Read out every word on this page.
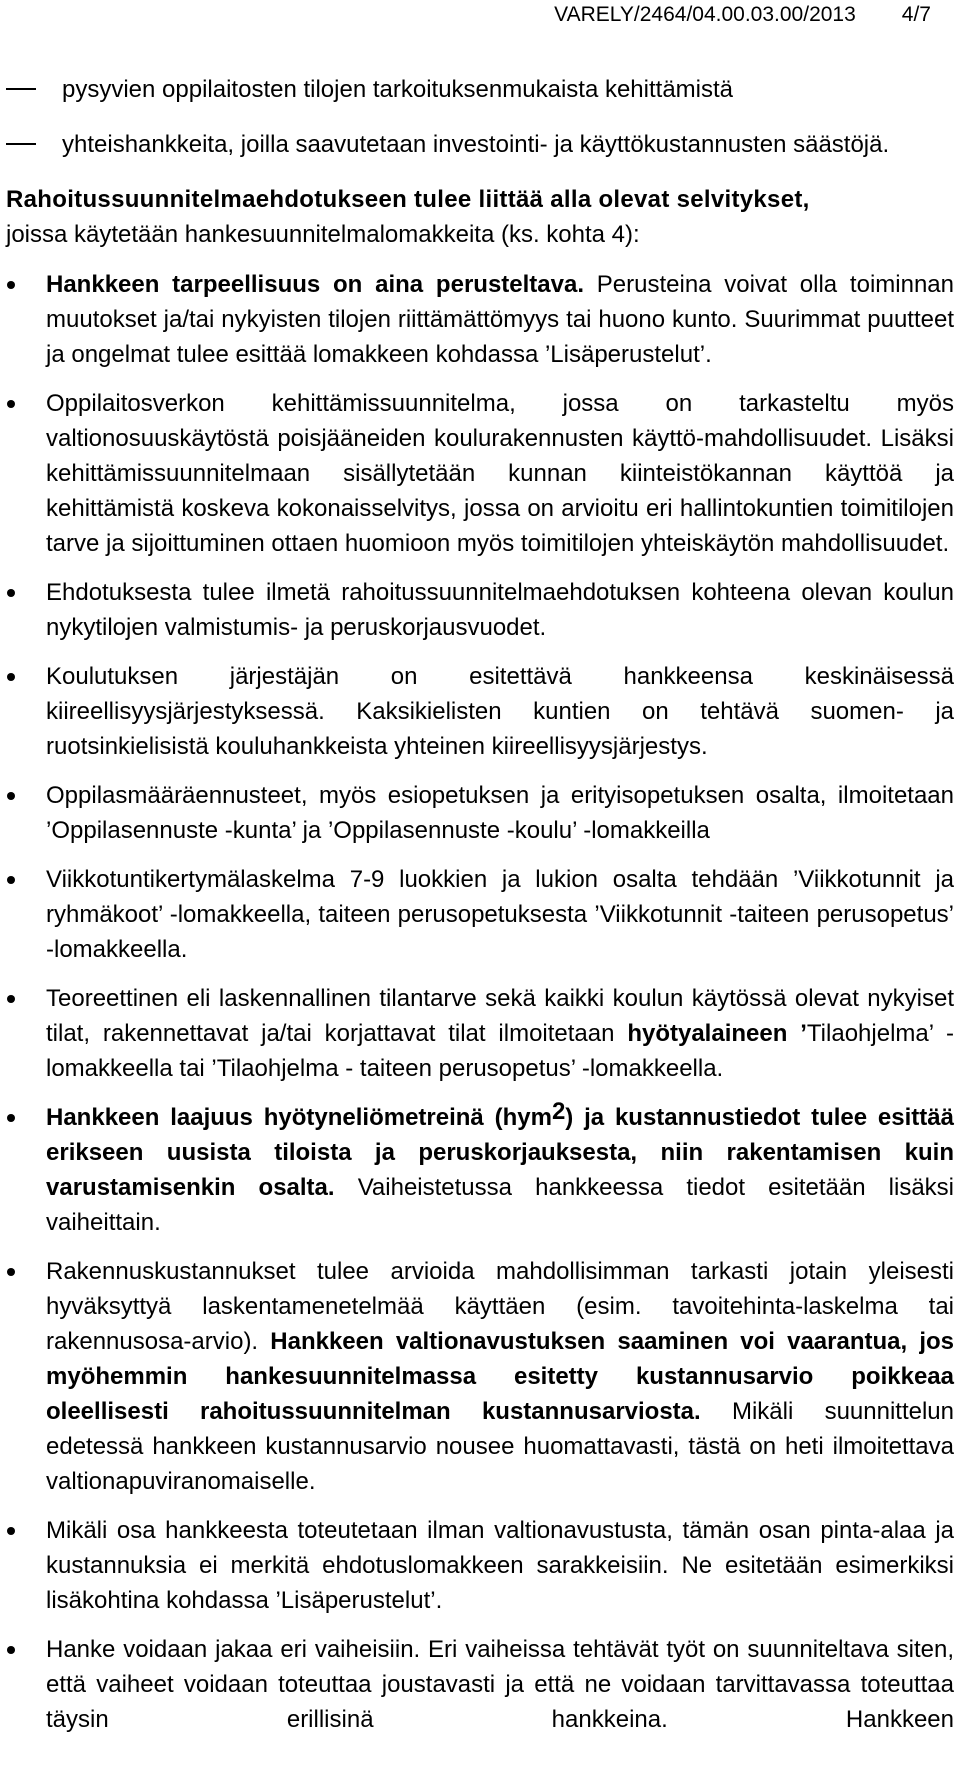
VARELY/2464/04.00.03.00/2013 4/7
pysyvien oppilaitosten tilojen tarkoituksenmukaista kehittämistä
yhteishankkeita, joilla saavutetaan investointi- ja käyttökustannusten säästöjä.
Rahoitussuunnitelmaehdotukseen tulee liittää alla olevat selvitykset,
joissa käytetään hankesuunnitelmalomakkeita (ks. kohta 4):
Hankkeen tarpeellisuus on aina perusteltava. Perusteina voivat olla toiminnan muutokset ja/tai nykyisten tilojen riittämättömyys tai huono kunto. Suurimmat puutteet ja ongelmat tulee esittää lomakkeen kohdassa ’Lisäperustelut’.
Oppilaitosverkon kehittämissuunnitelma, jossa on tarkasteltu myös valtionosuuskäytöstä poisjääneiden koulurakennusten käyttö-mahdollisuudet. Lisäksi kehittämissuunnitelmaan sisällytetään kunnan kiinteistökannan käyttöä ja kehittämistä koskeva kokonaisselvitys, jossa on arvioitu eri hallintokuntien toimitilojen tarve ja sijoittuminen ottaen huomioon myös toimitilojen yhteiskäytön mahdollisuudet.
Ehdotuksesta tulee ilmetä rahoitussuunnitelmaehdotuksen kohteena olevan koulun nykytilojen valmistumis- ja peruskorjausvuodet.
Koulutuksen järjestäjän on esitettävä hankkeensa keskinäisessä kiireellisyysjärjestyksessä. Kaksikielisten kuntien on tehtävä suomen- ja ruotsinkielisistä kouluhankkeista yhteinen kiireellisyysjärjestys.
Oppilasmääräennusteet, myös esiopetuksen ja erityisopetuksen osalta, ilmoitetaan ’Oppilasennuste -kunta’ ja ’Oppilasennuste -koulu’ -lomakkeilla
Viikkotuntikertymälaskelma 7-9 luokkien ja lukion osalta tehdään ’Viikkotunnit ja ryhmäkoot’ -lomakkeella, taiteen perusopetuksesta ’Viikkotunnit -taiteen perusopetus’ -lomakkeella.
Teoreettinen eli laskennallinen tilantarve sekä kaikki koulun käytössä olevat nykyiset tilat, rakennettavat ja/tai korjattavat tilat ilmoitetaan hyötyalaineen ’Tilaohjelma’ -lomakkeella tai ’Tilaohjelma - taiteen perusopetus’ -lomakkeella.
Hankkeen laajuus hyötyneliömetreinä (hym$^2$) ja kustannustiedot tulee esittää erikseen uusista tiloista ja peruskorjauksesta, niin rakentamisen kuin varustamisenkin osalta. Vaiheistetussa hankkeessa tiedot esitetään lisäksi vaiheittain.
Rakennuskustannukset tulee arvioida mahdollisimman tarkasti jotain yleisesti hyväksyttyä laskentamenetelmää käyttäen (esim. tavoitehinta-laskelma tai rakennusosa-arvio). Hankkeen valtionavustuksen saaminen voi vaarantua, jos myöhemmin hankesuunnitelmassa esitetty kustannusarvio poikkeaa oleellisesti rahoitussuunnitelman kustannusarviosta. Mikäli suunnittelun edetessä hankkeen kustannusarvio nousee huomattavasti, tästä on heti ilmoitettava valtionapuviranomaiselle.
Mikäli osa hankkeesta toteutetaan ilman valtionavustusta, tämän osan pinta-alaa ja kustannuksia ei merkitä ehdotuslomakkeen sarakkeisiin. Ne esitetään esimerkiksi lisäkohtina kohdassa ’Lisäperustelut’.
Hanke voidaan jakaa eri vaiheisiin. Eri vaiheissa tehtävät työt on suunniteltava siten, että vaiheet voidaan toteuttaa joustavasti ja että ne voidaan tarvittavassa toteuttaa täysin erillisinä hankkeina. Hankkeen
